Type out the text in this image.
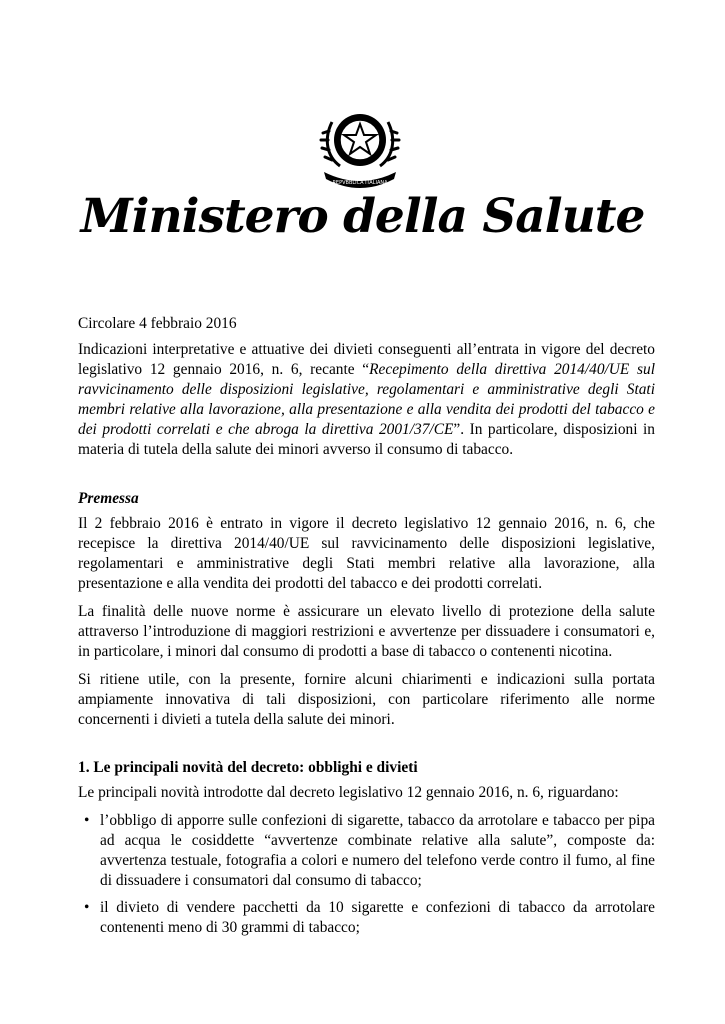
REPVBBLICA ITALIANA
Ministero della Salute

Circolare 4 febbraio 2016

Indicazioni interpretative e attuative dei divieti conseguenti all’entrata in vigore del decreto legislativo 12 gennaio 2016, n. 6, recante “Recepimento della direttiva 2014/40/UE sul ravvicinamento delle disposizioni legislative, regolamentari e amministrative degli Stati membri relative alla lavorazione, alla presentazione e alla vendita dei prodotti del tabacco e dei prodotti correlati e che abroga la direttiva 2001/37/CE”. In particolare, disposizioni in materia di tutela della salute dei minori avverso il consumo di tabacco.

Premessa

Il 2 febbraio 2016 è entrato in vigore il decreto legislativo 12 gennaio 2016, n. 6, che recepisce la direttiva 2014/40/UE sul ravvicinamento delle disposizioni legislative, regolamentari e amministrative degli Stati membri relative alla lavorazione, alla presentazione e alla vendita dei prodotti del tabacco e dei prodotti correlati.

La finalità delle nuove norme è assicurare un elevato livello di protezione della salute attraverso l’introduzione di maggiori restrizioni e avvertenze per dissuadere i consumatori e, in particolare, i minori dal consumo di prodotti a base di tabacco o contenenti nicotina.

Si ritiene utile, con la presente, fornire alcuni chiarimenti e indicazioni sulla portata ampiamente innovativa di tali disposizioni, con particolare riferimento alle norme concernenti i divieti a tutela della salute dei minori.

1. Le principali novità del decreto: obblighi e divieti

Le principali novità introdotte dal decreto legislativo 12 gennaio 2016, n. 6, riguardano:

• l’obbligo di apporre sulle confezioni di sigarette, tabacco da arrotolare e tabacco per pipa ad acqua le cosiddette “avvertenze combinate relative alla salute”, composte da: avvertenza testuale, fotografia a colori e numero del telefono verde contro il fumo, al fine di dissuadere i consumatori dal consumo di tabacco;
• il divieto di vendere pacchetti da 10 sigarette e confezioni di tabacco da arrotolare contenenti meno di 30 grammi di tabacco;
